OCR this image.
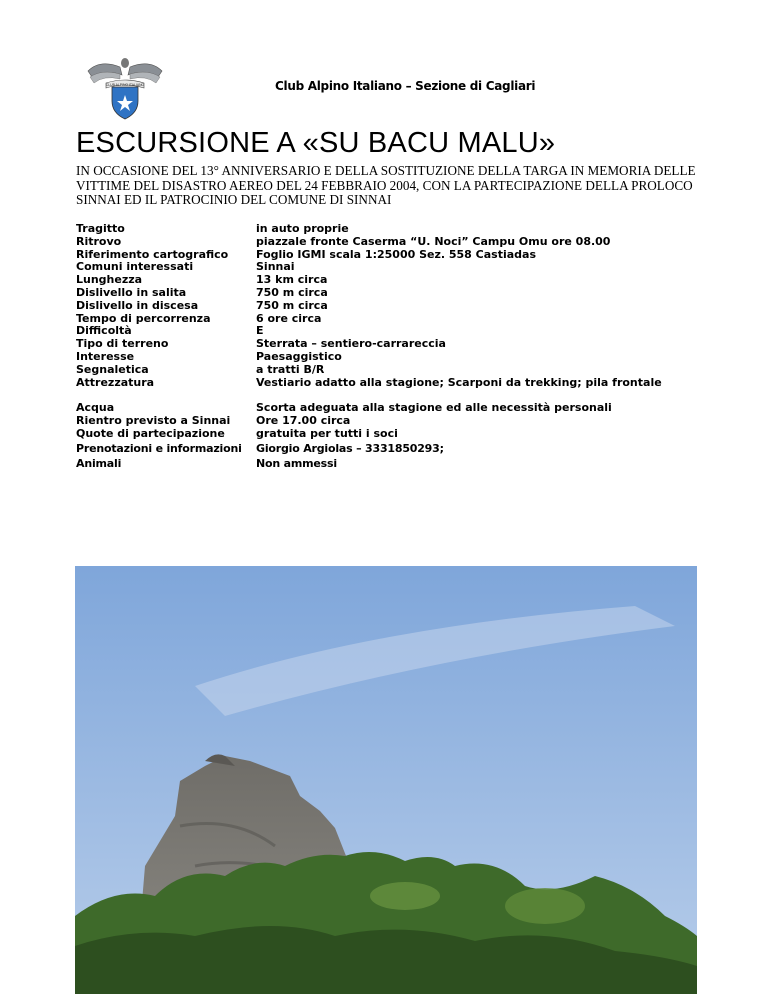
CLUB ALPINO ITALIANO	Club Alpino Italiano – Sezione di Cagliari
ESCURSIONE A «SU BACU MALU»

IN OCCASIONE DEL 13° ANNIVERSARIO E DELLA SOSTITUZIONE DELLA TARGA IN MEMORIA DELLE VITTIME DEL DISASTRO AEREO DEL 24 FEBBRAIO 2004, CON LA PARTECIPAZIONE DELLA PROLOCO SINNAI ED IL PATROCINIO DEL COMUNE DI SINNAI

Tragitto	in auto proprie
Ritrovo	piazzale fronte Caserma “U. Noci” Campu Omu ore 08.00
Riferimento cartografico	Foglio IGMI scala 1:25000 Sez. 558 Castiadas
Comuni interessati	Sinnai
Lunghezza	13 km circa
Dislivello in salita	750 m circa
Dislivello in discesa	750 m circa
Tempo di percorrenza	6 ore circa
Difficoltà	E
Tipo di terreno	Sterrata – sentiero-carrareccia
Interesse	Paesaggistico
Segnaletica	a tratti B/R
Attrezzatura	Vestiario adatto alla stagione; Scarponi da trekking; pila frontale
Acqua	Scorta adeguata alla stagione ed alle necessità personali
Rientro previsto a Sinnai	Ore 17.00 circa
Quote di partecipazione	gratuita per tutti i soci
Prenotazioni e informazioni	Giorgio Argiolas – 3331850293;
Animali	Non ammessi
